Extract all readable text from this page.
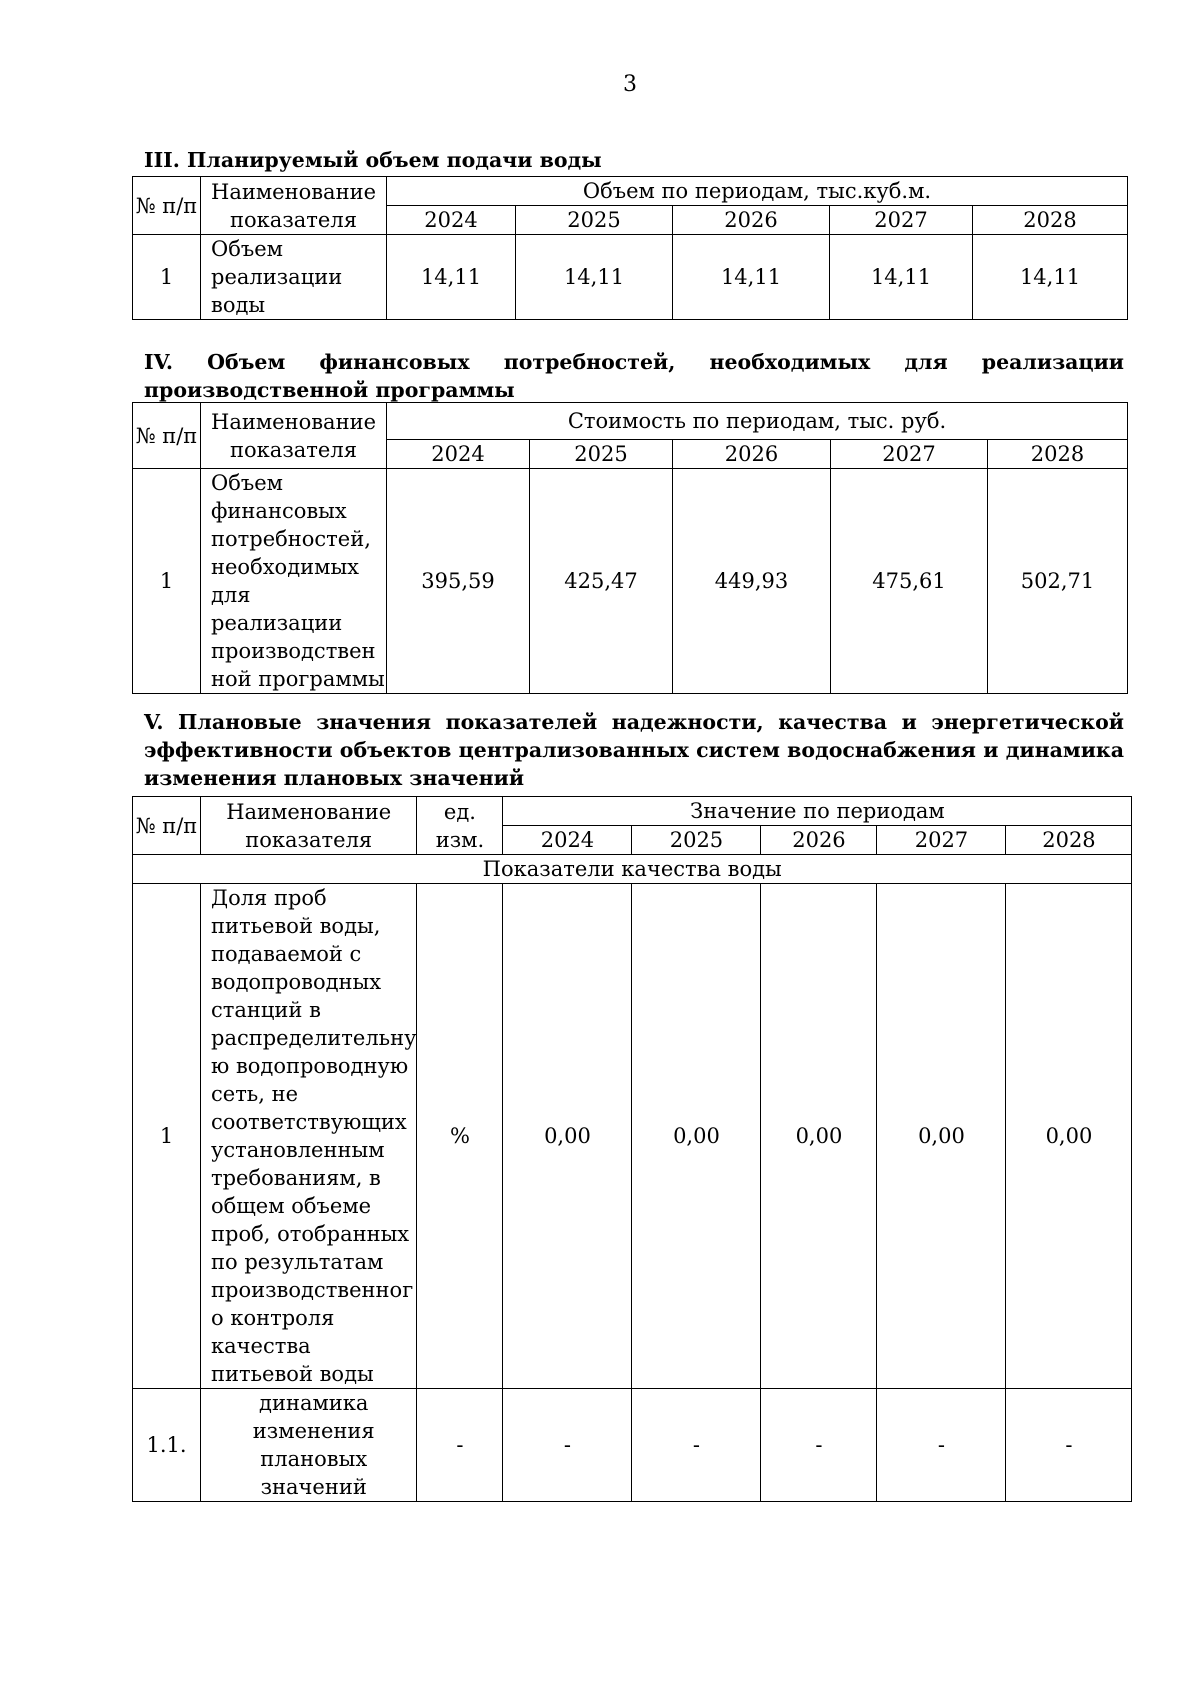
3
III. Планируемый объем подачи воды
№ п/п	Наименование показателя	Объем по периодам, тыс.куб.м.				
		2024	2025	2026	2027	2028
1	Объем реализации воды	14,11	14,11	14,11	14,11	14,11
IV. Объем финансовых потребностей, необходимых для реализации производственной программы
№ п/п	Наименование показателя	Стоимость по периодам, тыс. руб.				
		2024	2025	2026	2027	2028
1	Объем финансовых потребностей, необходимых для реализации производствен ной программы	395,59	425,47	449,93	475,61	502,71
V. Плановые значения показателей надежности, качества и энергетической эффективности объектов централизованных систем водоснабжения и динамика изменения плановых значений
№ п/п	Наименование показателя	ед. изм.	Значение по периодам				
			2024	2025	2026	2027	2028
Показатели качества воды							
1	Доля проб питьевой воды, подаваемой с водопроводных станций в распределительну ю водопроводную сеть, не соответствующих установленным требованиям, в общем объеме проб, отобранных по результатам производственног о контроля качества питьевой воды	%	0,00	0,00	0,00	0,00	0,00
1.1.	динамика изменения плановых значений	-	-	-	-	-	-
